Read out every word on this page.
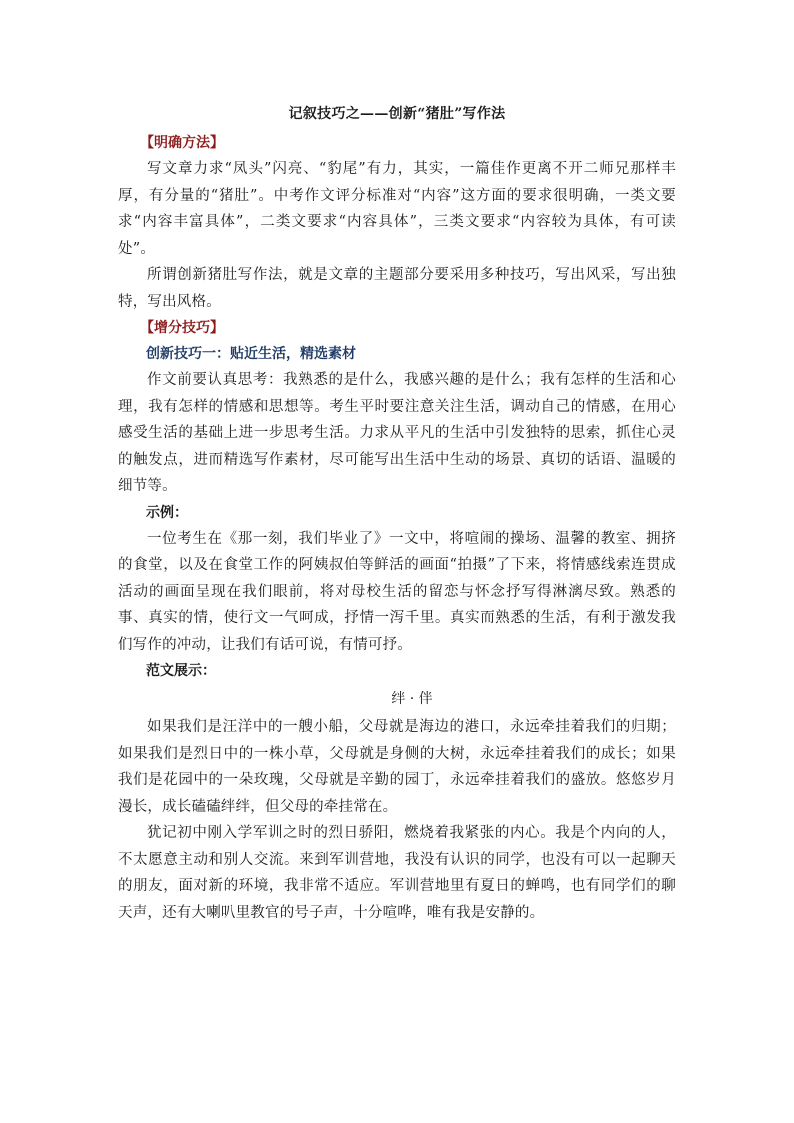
记叙技巧之——创新“猪肚”写作法
【明确方法】

写文章力求“凤头”闪亮、“豹尾”有力，其实，一篇佳作更离不开二师兄那样丰厚，有分量的“猪肚”。中考作文评分标准对“内容”这方面的要求很明确，一类文要求“内容丰富具体”，二类文要求“内容具体”，三类文要求“内容较为具体，有可读处”。

所谓创新猪肚写作法，就是文章的主题部分要采用多种技巧，写出风采，写出独特，写出风格。

【增分技巧】
创新技巧一：贴近生活，精选素材

作文前要认真思考：我熟悉的是什么，我感兴趣的是什么；我有怎样的生活和心理，我有怎样的情感和思想等。考生平时要注意关注生活，调动自己的情感，在用心感受生活的基础上进一步思考生活。力求从平凡的生活中引发独特的思索，抓住心灵的触发点，进而精选写作素材，尽可能写出生活中生动的场景、真切的话语、温暖的细节等。

示例：

一位考生在《那一刻，我们毕业了》一文中，将喧闹的操场、温馨的教室、拥挤的食堂，以及在食堂工作的阿姨叔伯等鲜活的画面“拍摄”了下来，将情感线索连贯成活动的画面呈现在我们眼前，将对母校生活的留恋与怀念抒写得淋漓尽致。熟悉的事、真实的情，使行文一气呵成，抒情一泻千里。真实而熟悉的生活，有利于激发我们写作的冲动，让我们有话可说，有情可抒。

范文展示：
绊 · 伴

如果我们是汪洋中的一艘小船，父母就是海边的港口，永远牵挂着我们的归期；如果我们是烈日中的一株小草，父母就是身侧的大树，永远牵挂着我们的成长；如果我们是花园中的一朵玫瑰，父母就是辛勤的园丁，永远牵挂着我们的盛放。悠悠岁月漫长，成长磕磕绊绊，但父母的牵挂常在。

犹记初中刚入学军训之时的烈日骄阳，燃烧着我紧张的内心。我是个内向的人，不太愿意主动和别人交流。来到军训营地，我没有认识的同学，也没有可以一起聊天的朋友，面对新的环境，我非常不适应。军训营地里有夏日的蝉鸣，也有同学们的聊天声，还有大喇叭里教官的号子声，十分喧哗，唯有我是安静的。
